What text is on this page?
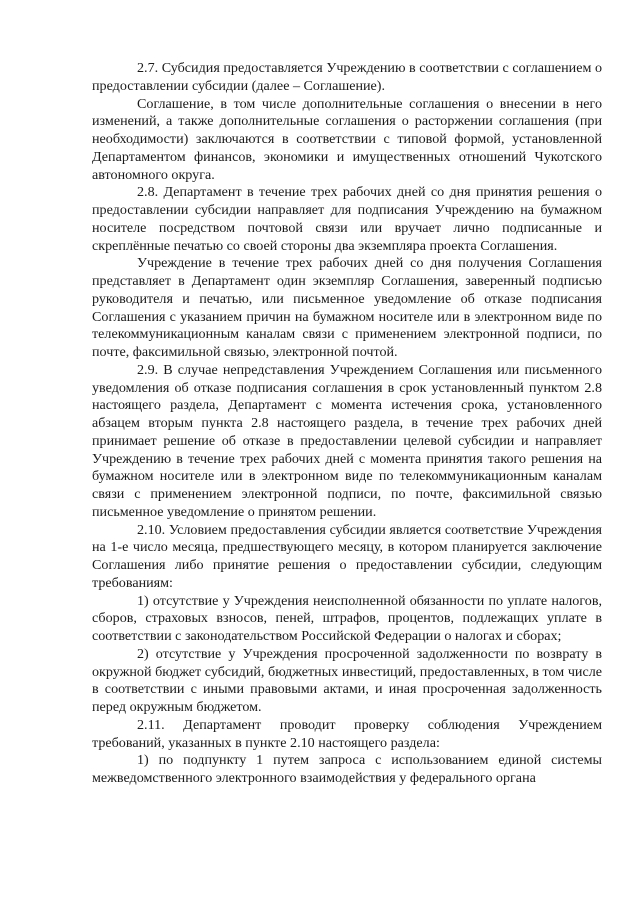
2.7. Субсидия предоставляется Учреждению в соответствии с соглашением о предоставлении субсидии (далее – Соглашение).

Соглашение, в том числе дополнительные соглашения о внесении в него изменений, а также дополнительные соглашения о расторжении соглашения (при необходимости) заключаются в соответствии с типовой формой, установленной Департаментом финансов, экономики и имущественных отношений Чукотского автономного округа.

2.8. Департамент в течение трех рабочих дней со дня принятия решения о предоставлении субсидии направляет для подписания Учреждению на бумажном носителе посредством почтовой связи или вручает лично подписанные и скреплённые печатью со своей стороны два экземпляра проекта Соглашения.

Учреждение в течение трех рабочих дней со дня получения Соглашения представляет в Департамент один экземпляр Соглашения, заверенный подписью руководителя и печатью, или письменное уведомление об отказе подписания Соглашения с указанием причин на бумажном носителе или в электронном виде по телекоммуникационным каналам связи с применением электронной подписи, по почте, факсимильной связью, электронной почтой.

2.9. В случае непредставления Учреждением Соглашения или письменного уведомления об отказе подписания соглашения в срок установленный пунктом 2.8 настоящего раздела, Департамент с момента истечения срока, установленного абзацем вторым пункта 2.8 настоящего раздела, в течение трех рабочих дней принимает решение об отказе в предоставлении целевой субсидии и направляет Учреждению в течение трех рабочих дней с момента принятия такого решения на бумажном носителе или в электронном виде по телекоммуникационным каналам связи с применением электронной подписи, по почте, факсимильной связью письменное уведомление о принятом решении.

2.10. Условием предоставления субсидии является соответствие Учреждения на 1-е число месяца, предшествующего месяцу, в котором планируется заключение Соглашения либо принятие решения о предоставлении субсидии, следующим требованиям:

1) отсутствие у Учреждения неисполненной обязанности по уплате налогов, сборов, страховых взносов, пеней, штрафов, процентов, подлежащих уплате в соответствии с законодательством Российской Федерации о налогах и сборах;

2) отсутствие у Учреждения просроченной задолженности по возврату в окружной бюджет субсидий, бюджетных инвестиций, предоставленных, в том числе в соответствии с иными правовыми актами, и иная просроченная задолженность перед окружным бюджетом.

2.11. Департамент проводит проверку соблюдения Учреждением требований, указанных в пункте 2.10 настоящего раздела:

1) по подпункту 1 путем запроса с использованием единой системы межведомственного электронного взаимодействия у федерального органа
